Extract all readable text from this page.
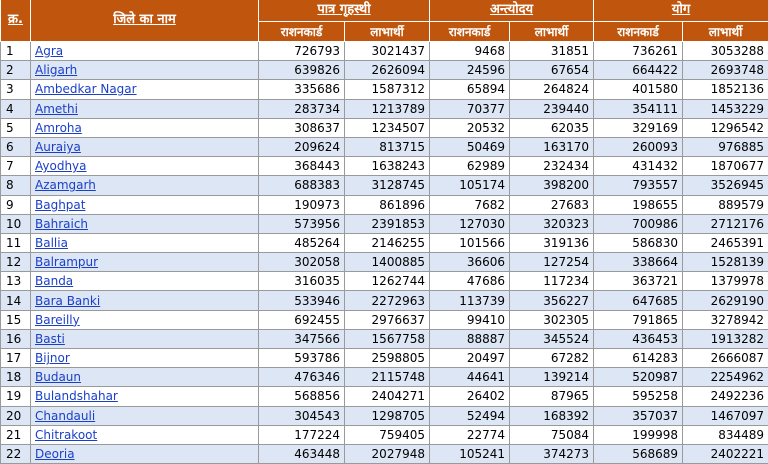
क्र.	जिले का नाम	पात्र गृहस्थी		अन्त्योदय		योग	
		राशनकार्ड	लाभार्थी	राशनकार्ड	लाभार्थी	राशनकार्ड	लाभार्थी
1	Agra	726793	3021437	9468	31851	736261	3053288
2	Aligarh	639826	2626094	24596	67654	664422	2693748
3	Ambedkar Nagar	335686	1587312	65894	264824	401580	1852136
4	Amethi	283734	1213789	70377	239440	354111	1453229
5	Amroha	308637	1234507	20532	62035	329169	1296542
6	Auraiya	209624	813715	50469	163170	260093	976885
7	Ayodhya	368443	1638243	62989	232434	431432	1870677
8	Azamgarh	688383	3128745	105174	398200	793557	3526945
9	Baghpat	190973	861896	7682	27683	198655	889579
10	Bahraich	573956	2391853	127030	320323	700986	2712176
11	Ballia	485264	2146255	101566	319136	586830	2465391
12	Balrampur	302058	1400885	36606	127254	338664	1528139
13	Banda	316035	1262744	47686	117234	363721	1379978
14	Bara Banki	533946	2272963	113739	356227	647685	2629190
15	Bareilly	692455	2976637	99410	302305	791865	3278942
16	Basti	347566	1567758	88887	345524	436453	1913282
17	Bijnor	593786	2598805	20497	67282	614283	2666087
18	Budaun	476346	2115748	44641	139214	520987	2254962
19	Bulandshahar	568856	2404271	26402	87965	595258	2492236
20	Chandauli	304543	1298705	52494	168392	357037	1467097
21	Chitrakoot	177224	759405	22774	75084	199998	834489
22	Deoria	463448	2027948	105241	374273	568689	2402221
